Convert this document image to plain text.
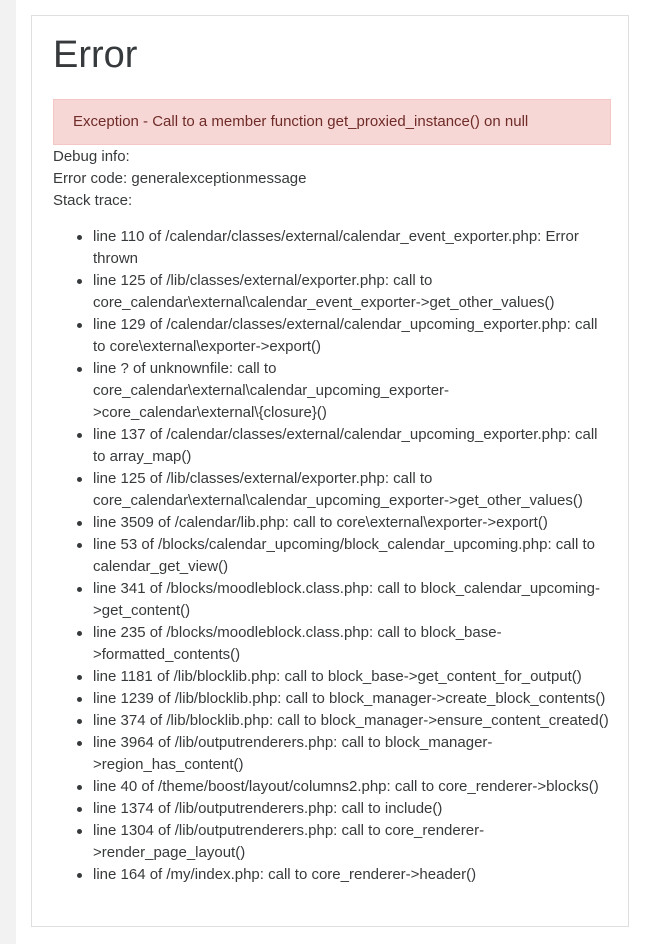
Error
Exception - Call to a member function get_proxied_instance() on null
Debug info:
Error code: generalexceptionmessage
Stack trace:
line 110 of /calendar/classes/external/calendar_event_exporter.php: Error thrown
line 125 of /lib/classes/external/exporter.php: call to core_calendar\external\calendar_event_exporter->get_other_values()
line 129 of /calendar/classes/external/calendar_upcoming_exporter.php: call to core\external\exporter->export()
line ? of unknownfile: call to core_calendar\external\calendar_upcoming_exporter->core_calendar\external\{closure}()
line 137 of /calendar/classes/external/calendar_upcoming_exporter.php: call to array_map()
line 125 of /lib/classes/external/exporter.php: call to core_calendar\external\calendar_upcoming_exporter->get_other_values()
line 3509 of /calendar/lib.php: call to core\external\exporter->export()
line 53 of /blocks/calendar_upcoming/block_calendar_upcoming.php: call to calendar_get_view()
line 341 of /blocks/moodleblock.class.php: call to block_calendar_upcoming->get_content()
line 235 of /blocks/moodleblock.class.php: call to block_base->formatted_contents()
line 1181 of /lib/blocklib.php: call to block_base->get_content_for_output()
line 1239 of /lib/blocklib.php: call to block_manager->create_block_contents()
line 374 of /lib/blocklib.php: call to block_manager->ensure_content_created()
line 3964 of /lib/outputrenderers.php: call to block_manager->region_has_content()
line 40 of /theme/boost/layout/columns2.php: call to core_renderer->blocks()
line 1374 of /lib/outputrenderers.php: call to include()
line 1304 of /lib/outputrenderers.php: call to core_renderer->render_page_layout()
line 164 of /my/index.php: call to core_renderer->header()
